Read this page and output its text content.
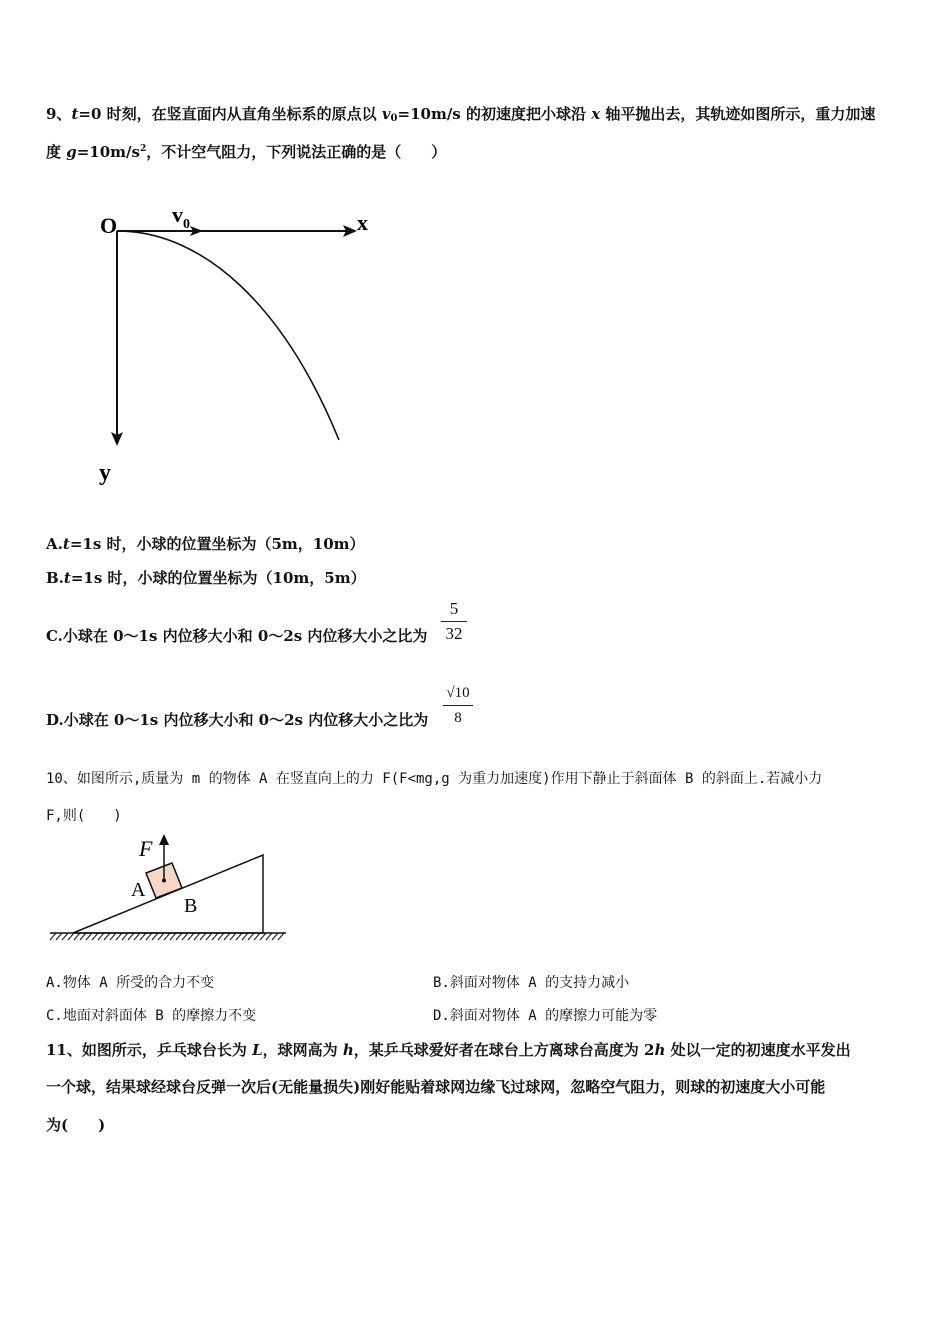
9、t=0 时刻，在竖直面内从直角坐标系的原点以 $v_0=10m/s$ 的初速度把小球沿 x 轴平抛出去，其轨迹如图所示，重力加速
度 $g=10m/s^2$，不计空气阻力，下列说法正确的是（　　）
O $v_0$	x
y
A.t=1s 时，小球的位置坐标为（5m，10m）
B.t=1s 时，小球的位置坐标为（10m，5m）
C.小球在 0～1s 内位移大小和 0～2s 内位移大小之比为
5
32
D.小球在 0～1s 内位移大小和 0～2s 内位移大小之比为
√10
8
10、如图所示,质量为 m 的物体 A 在竖直向上的力 F(F<mg,g 为重力加速度)作用下静止于斜面体 B 的斜面上.若减小力
F,则(　　)
F
A
B
A.物体 A 所受的合力不变	B.斜面对物体 A 的支持力减小
C.地面对斜面体 B 的摩擦力不变	D.斜面对物体 A 的摩擦力可能为零
11、如图所示，乒乓球台长为 L，球网高为 h，某乒乓球爱好者在球台上方离球台高度为 2h 处以一定的初速度水平发出
一个球，结果球经球台反弹一次后(无能量损失)刚好能贴着球网边缘飞过球网，忽略空气阻力，则球的初速度大小可能
为(　　)
